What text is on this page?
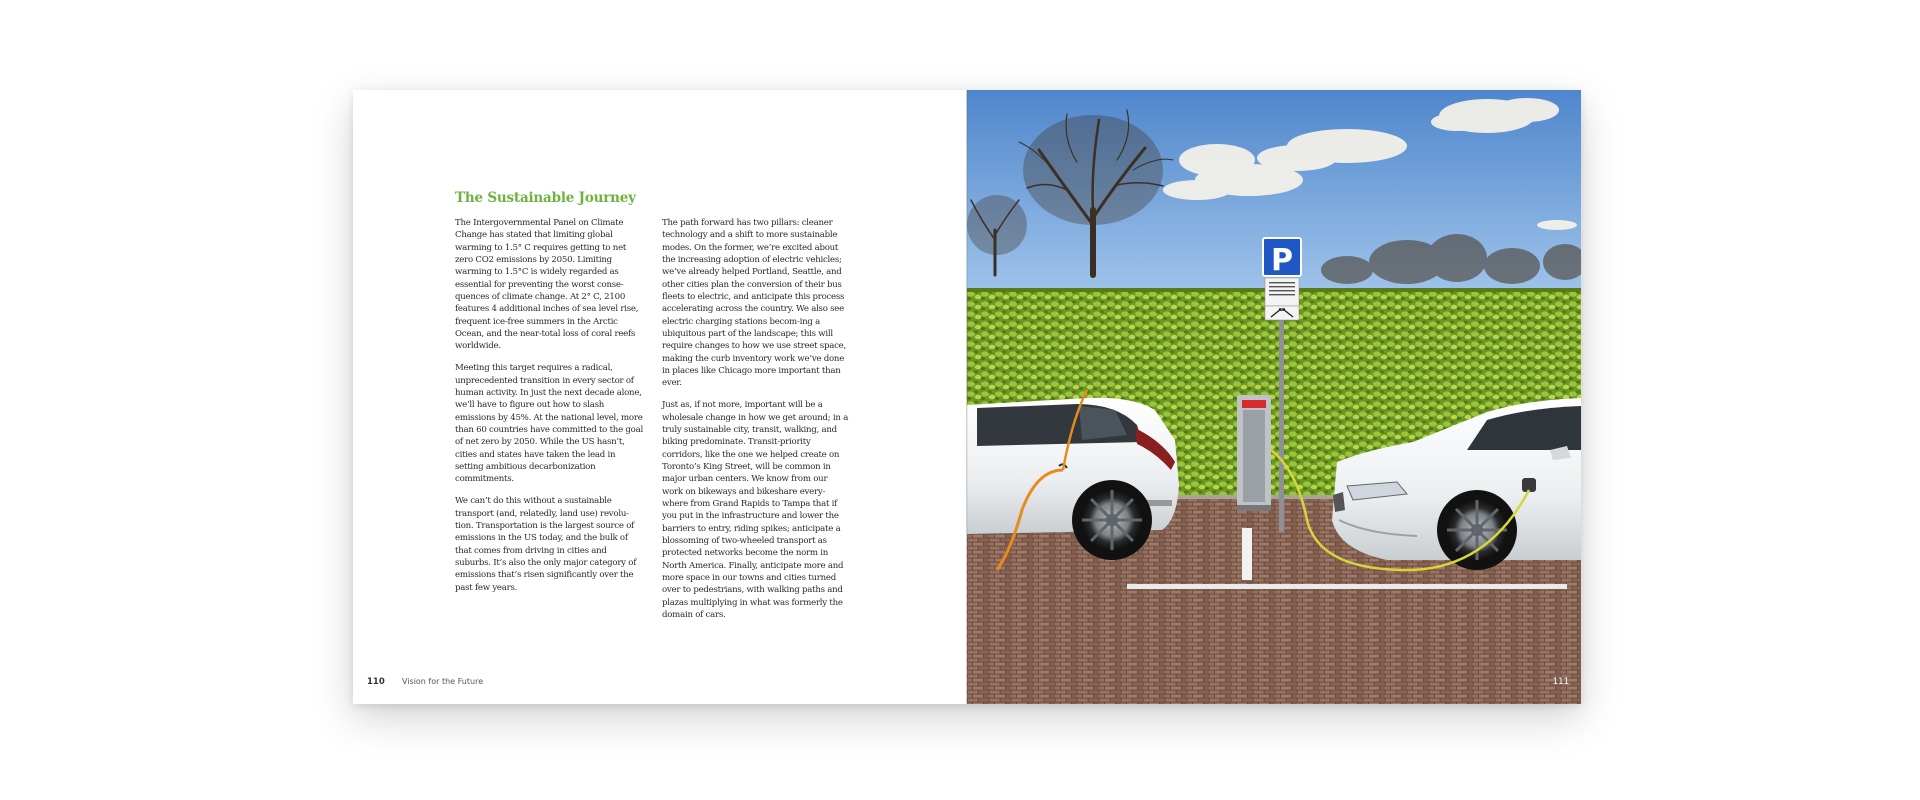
The Sustainable Journey

The Intergovernmental Panel on Climate Change has stated that limiting global warming to 1.5° C requires getting to net zero CO2 emissions by 2050. Limiting warming to 1.5°C is widely regarded as essential for preventing the worst conse-quences of climate change. At 2° C, 2100 features 4 additional inches of sea level rise, frequent ice-free summers in the Arctic Ocean, and the near-total loss of coral reefs worldwide.

Meeting this target requires a radical, unprecedented transition in every sector of human activity. In just the next decade alone, we’ll have to figure out how to slash emissions by 45%. At the national level, more than 60 countries have committed to the goal of net zero by 2050. While the US hasn’t, cities and states have taken the lead in setting ambitious decarbonization commitments.

We can’t do this without a sustainable transport (and, relatedly, land use) revolu-tion. Transportation is the largest source of emissions in the US today, and the bulk of that comes from driving in cities and suburbs. It’s also the only major category of emissions that’s risen significantly over the past few years.

The path forward has two pillars: cleaner technology and a shift to more sustainable modes. On the former, we’re excited about the increasing adoption of electric vehicles; we’ve already helped Portland, Seattle, and other cities plan the conversion of their bus fleets to electric, and anticipate this process accelerating across the country. We also see electric charging stations becom-ing a ubiquitous part of the landscape; this will require changes to how we use street space, making the curb inventory work we’ve done in places like Chicago more important than ever.

Just as, if not more, important will be a wholesale change in how we get around; in a truly sustainable city, transit, walking, and biking predominate. Transit-priority corridors, like the one we helped create on Toronto’s King Street, will be common in major urban centers. We know from our work on bikeways and bikeshare every-where from Grand Rapids to Tampa that if you put in the infrastructure and lower the barriers to entry, riding spikes; anticipate a blossoming of two-wheeled transport as protected networks become the norm in North America. Finally, anticipate more and more space in our towns and cities turned over to pedestrians, with walking paths and plazas multiplying in what was formerly the domain of cars.

110 Vision for the Future
P
111
